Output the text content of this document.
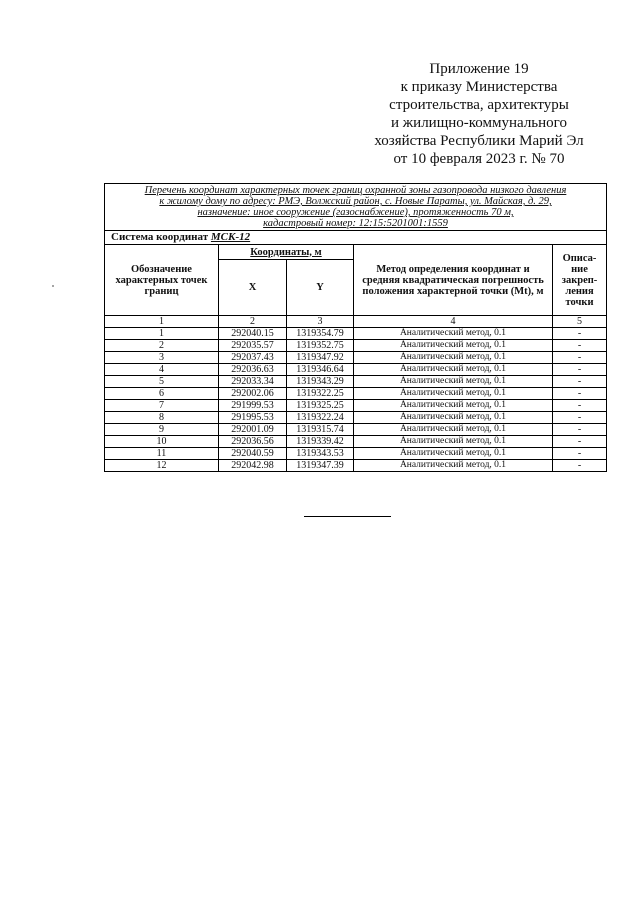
Приложение 19
к приказу Министерства
строительства, архитектуры
и жилищно-коммунального
хозяйства Республики Марий Эл
от 10 февраля 2023 г. № 70
Перечень координат характерных точек границ охранной зоны газопровода низкого давления
к жилому дому по адресу: РМЭ, Волжский район, с. Новые Параты, ул. Майская, д. 29,
назначение: иное сооружение (газоснабжение), протяженность 70 м,
кадастровый номер: 12:15:5201001:1559				

Система координат МСК-12				
Обозначение характерных точек границ	Координаты, м		Метод определения координат и средняя квадратическая погрешность положения характерной точки (Mt), м	Описа-ние закреп-ления точки
	X	Y		
1	2	3	4	5
1	292040.15	1319354.79	Аналитический метод, 0.1	-
2	292035.57	1319352.75	Аналитический метод, 0.1	-
3	292037.43	1319347.92	Аналитический метод, 0.1	-
4	292036.63	1319346.64	Аналитический метод, 0.1	-
5	292033.34	1319343.29	Аналитический метод, 0.1	-
6	292002.06	1319322.25	Аналитический метод, 0.1	-
7	291999.53	1319325.25	Аналитический метод, 0.1	-
8	291995.53	1319322.24	Аналитический метод, 0.1	-
9	292001.09	1319315.74	Аналитический метод, 0.1	-
10	292036.56	1319339.42	Аналитический метод, 0.1	-
11	292040.59	1319343.53	Аналитический метод, 0.1	-
12	292042.98	1319347.39	Аналитический метод, 0.1	-
